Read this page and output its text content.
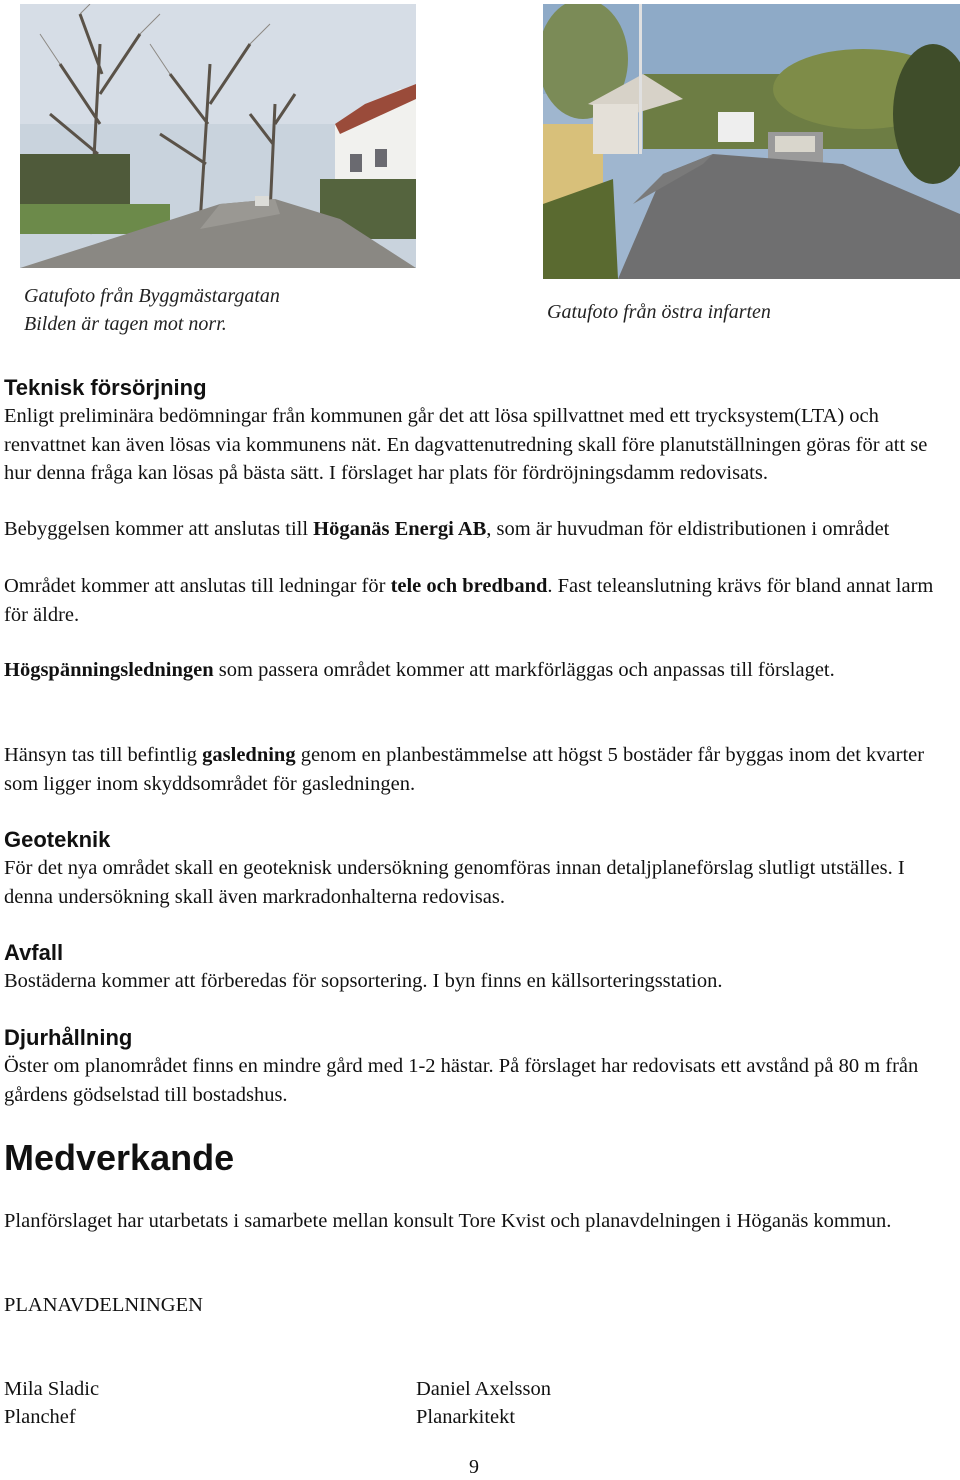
Gatufoto från Byggmästargatan
Bilden är tagen mot norr.
Gatufoto från östra infarten
Teknisk försörjning
Enligt preliminära bedömningar från kommunen går det att lösa spillvattnet med ett trycksystem(LTA) och renvattnet kan även lösas via kommunens nät. En dagvattenutredning skall före planutställningen göras för att se hur denna fråga kan lösas på bästa sätt. I förslaget har plats för fördröjningsdamm redovisats.
Bebyggelsen kommer att anslutas till Höganäs Energi AB, som är huvudman för eldistributionen i området
Området kommer att anslutas till ledningar för tele och bredband. Fast teleanslutning krävs för bland annat larm för äldre.
Högspänningsledningen som passera området kommer att markförläggas och anpassas till förslaget.
Hänsyn tas till befintlig gasledning genom en planbestämmelse att högst 5 bostäder får byggas inom det kvarter som ligger inom skyddsområdet för gasledningen.
Geoteknik
För det nya området skall en geoteknisk undersökning genomföras innan detaljplaneförslag slutligt utställes. I denna undersökning skall även markradonhalterna redovisas.
Avfall
Bostäderna kommer att förberedas för sopsortering. I byn finns en källsorteringsstation.
Djurhållning
Öster om planområdet finns en mindre gård med 1-2 hästar. På förslaget har redovisats ett avstånd på 80 m från gårdens gödselstad till bostadshus.
Medverkande
Planförslaget har utarbetats i samarbete mellan konsult Tore Kvist och planavdelningen i Höganäs kommun.
PLANAVDELNINGEN
Mila Sladic
Planchef
Daniel Axelsson
Planarkitekt
9
